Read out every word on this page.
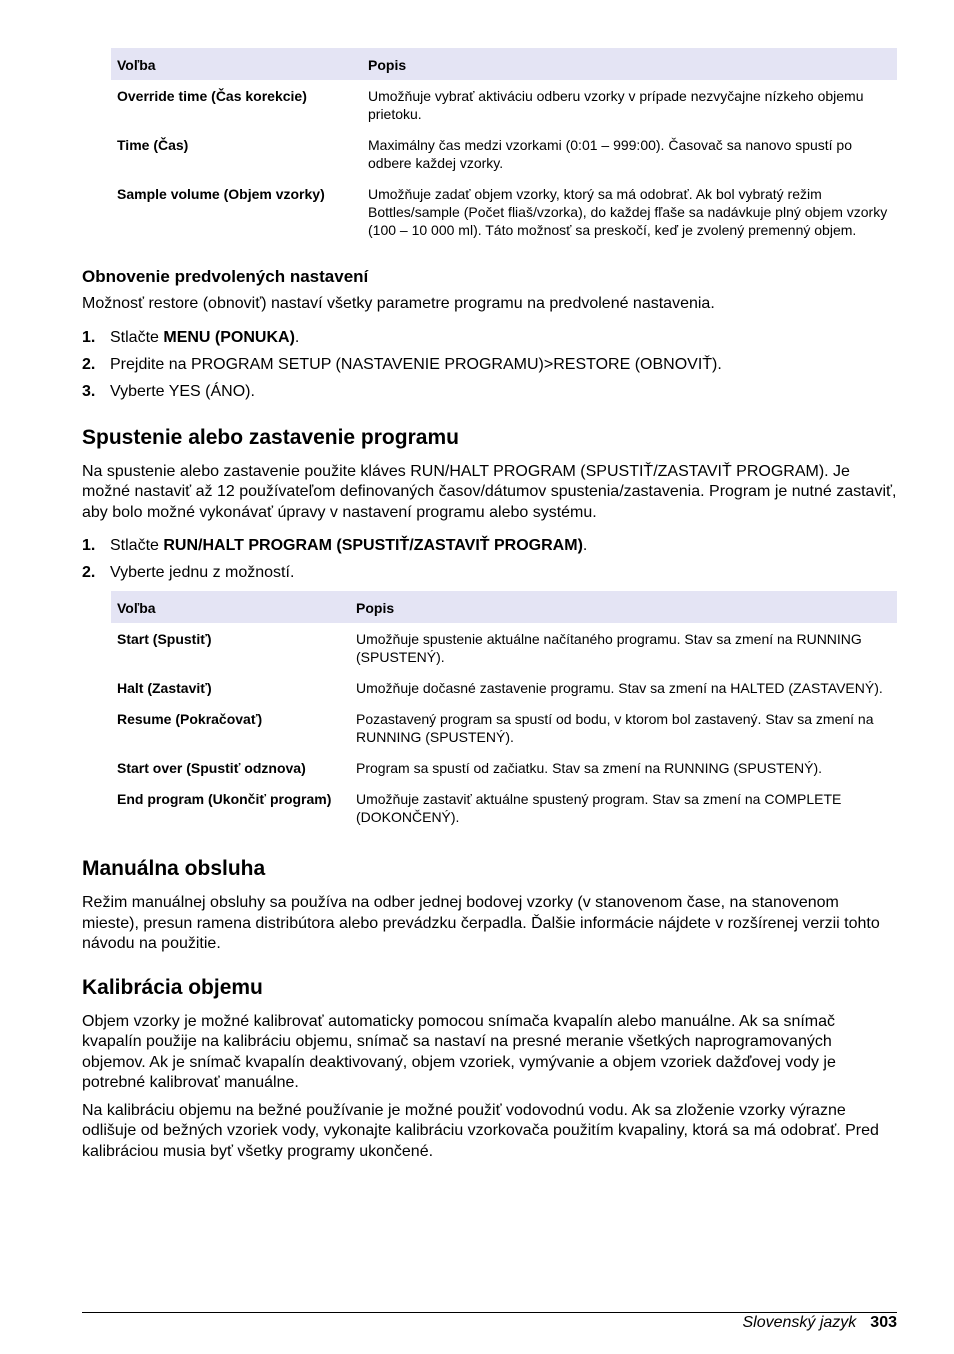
Voľba	Popis
Override time (Čas korekcie)	Umožňuje vybrať aktiváciu odberu vzorky v prípade nezvyčajne nízkeho objemu prietoku.
Time (Čas)	Maximálny čas medzi vzorkami (0:01 – 999:00). Časovač sa nanovo spustí po odbere každej vzorky.
Sample volume (Objem vzorky)	Umožňuje zadať objem vzorky, ktorý sa má odobrať. Ak bol vybratý režim Bottles/sample (Počet fliaš/vzorka), do každej fľaše sa nadávkuje plný objem vzorky (100 – 10 000 ml). Táto možnosť sa preskočí, keď je zvolený premenný objem.
Obnovenie predvolených nastavení

Možnosť restore (obnoviť) nastaví všetky parametre programu na predvolené nastavenia.

1. Stlačte MENU (PONUKA).
2. Prejdite na PROGRAM SETUP (NASTAVENIE PROGRAMU)>RESTORE (OBNOVIŤ).
3. Vyberte YES (ÁNO).
Spustenie alebo zastavenie programu

Na spustenie alebo zastavenie použite kláves RUN/HALT PROGRAM (SPUSTIŤ/ZASTAVIŤ PROGRAM). Je možné nastaviť až 12 používateľom definovaných časov/dátumov spustenia/zastavenia. Program je nutné zastaviť, aby bolo možné vykonávať úpravy v nastavení programu alebo systému.

1. Stlačte RUN/HALT PROGRAM (SPUSTIŤ/ZASTAVIŤ PROGRAM).
2. Vyberte jednu z možností.
Voľba	Popis
Start (Spustiť)	Umožňuje spustenie aktuálne načítaného programu. Stav sa zmení na RUNNING (SPUSTENÝ).
Halt (Zastaviť)	Umožňuje dočasné zastavenie programu. Stav sa zmení na HALTED (ZASTAVENÝ).
Resume (Pokračovať)	Pozastavený program sa spustí od bodu, v ktorom bol zastavený. Stav sa zmení na RUNNING (SPUSTENÝ).
Start over (Spustiť odznova)	Program sa spustí od začiatku. Stav sa zmení na RUNNING (SPUSTENÝ).
End program (Ukončiť program)	Umožňuje zastaviť aktuálne spustený program. Stav sa zmení na COMPLETE (DOKONČENÝ).
Manuálna obsluha

Režim manuálnej obsluhy sa používa na odber jednej bodovej vzorky (v stanovenom čase, na stanovenom mieste), presun ramena distribútora alebo prevádzku čerpadla. Ďalšie informácie nájdete v rozšírenej verzii tohto návodu na použitie.

Kalibrácia objemu

Objem vzorky je možné kalibrovať automaticky pomocou snímača kvapalín alebo manuálne. Ak sa snímač kvapalín použije na kalibráciu objemu, snímač sa nastaví na presné meranie všetkých naprogramovaných objemov. Ak je snímač kvapalín deaktivovaný, objem vzoriek, vymývanie a objem vzoriek dažďovej vody je potrebné kalibrovať manuálne.

Na kalibráciu objemu na bežné používanie je možné použiť vodovodnú vodu. Ak sa zloženie vzorky výrazne odlišuje od bežných vzoriek vody, vykonajte kalibráciu vzorkovača použitím kvapaliny, ktorá sa má odobrať. Pred kalibráciou musia byť všetky programy ukončené.

Slovenský jazyk 303
